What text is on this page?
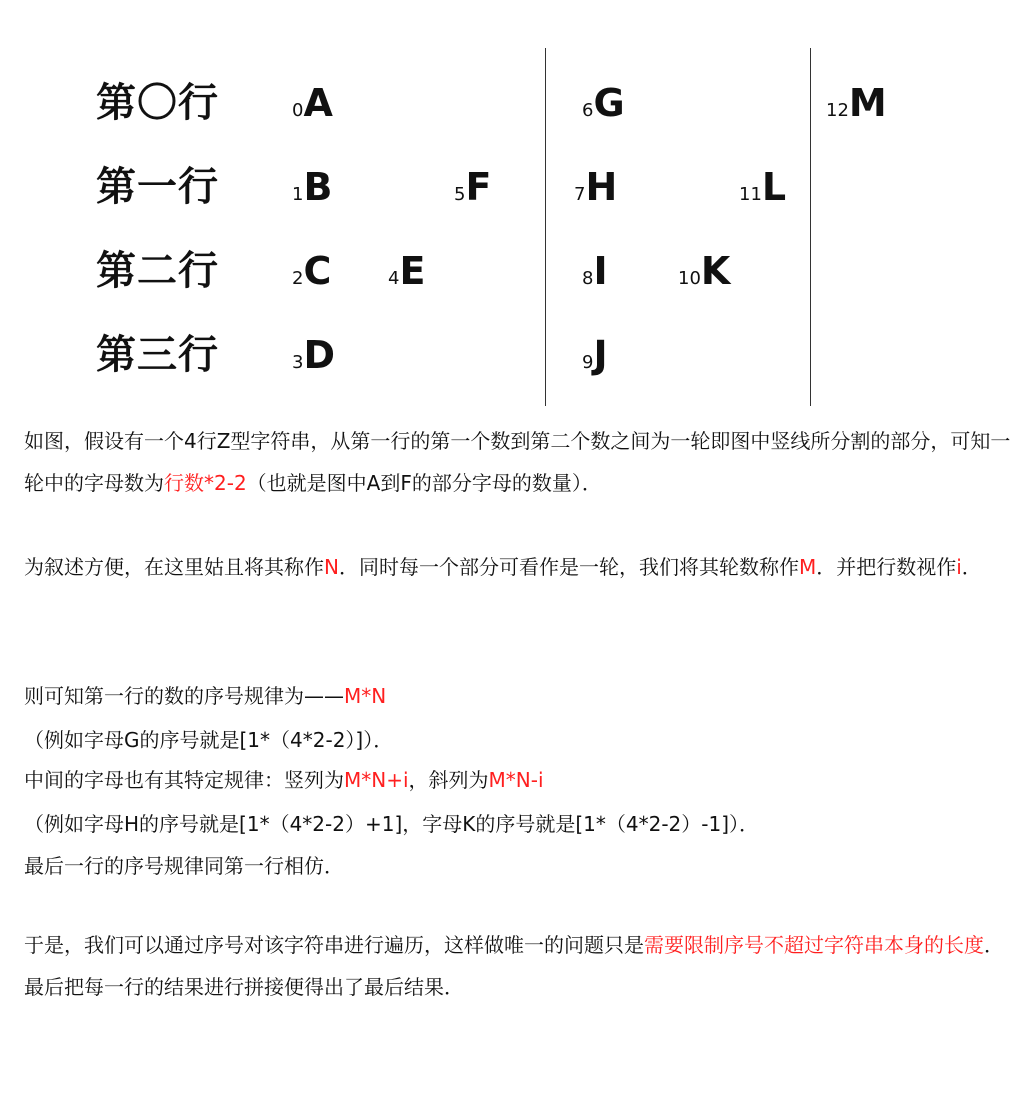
第〇行
第一行
第二行
第三行
0A
1B
2C
3D
4E
5F
6G
7H
8I
9J
10K
11L
12M
如图，假设有一个4行Z型字符串，从第一行的第一个数到第二个数之间为一轮即图中竖线所分割的部分，可知一轮中的字母数为行数*2-2（也就是图中A到F的部分字母的数量）．
为叙述方便，在这里姑且将其称作N．同时每一个部分可看作是一轮，我们将其轮数称作M．并把行数视作i．
则可知第一行的数的序号规律为——M*N
（例如字母G的序号就是[1*（4*2-2）]）．
中间的字母也有其特定规律：竖列为M*N+i，斜列为M*N-i
（例如字母H的序号就是[1*（4*2-2）+1]，字母K的序号就是[1*（4*2-2）-1]）．
最后一行的序号规律同第一行相仿．
于是，我们可以通过序号对该字符串进行遍历，这样做唯一的问题只是需要限制序号不超过字符串本身的长度．最后把每一行的结果进行拼接便得出了最后结果．
